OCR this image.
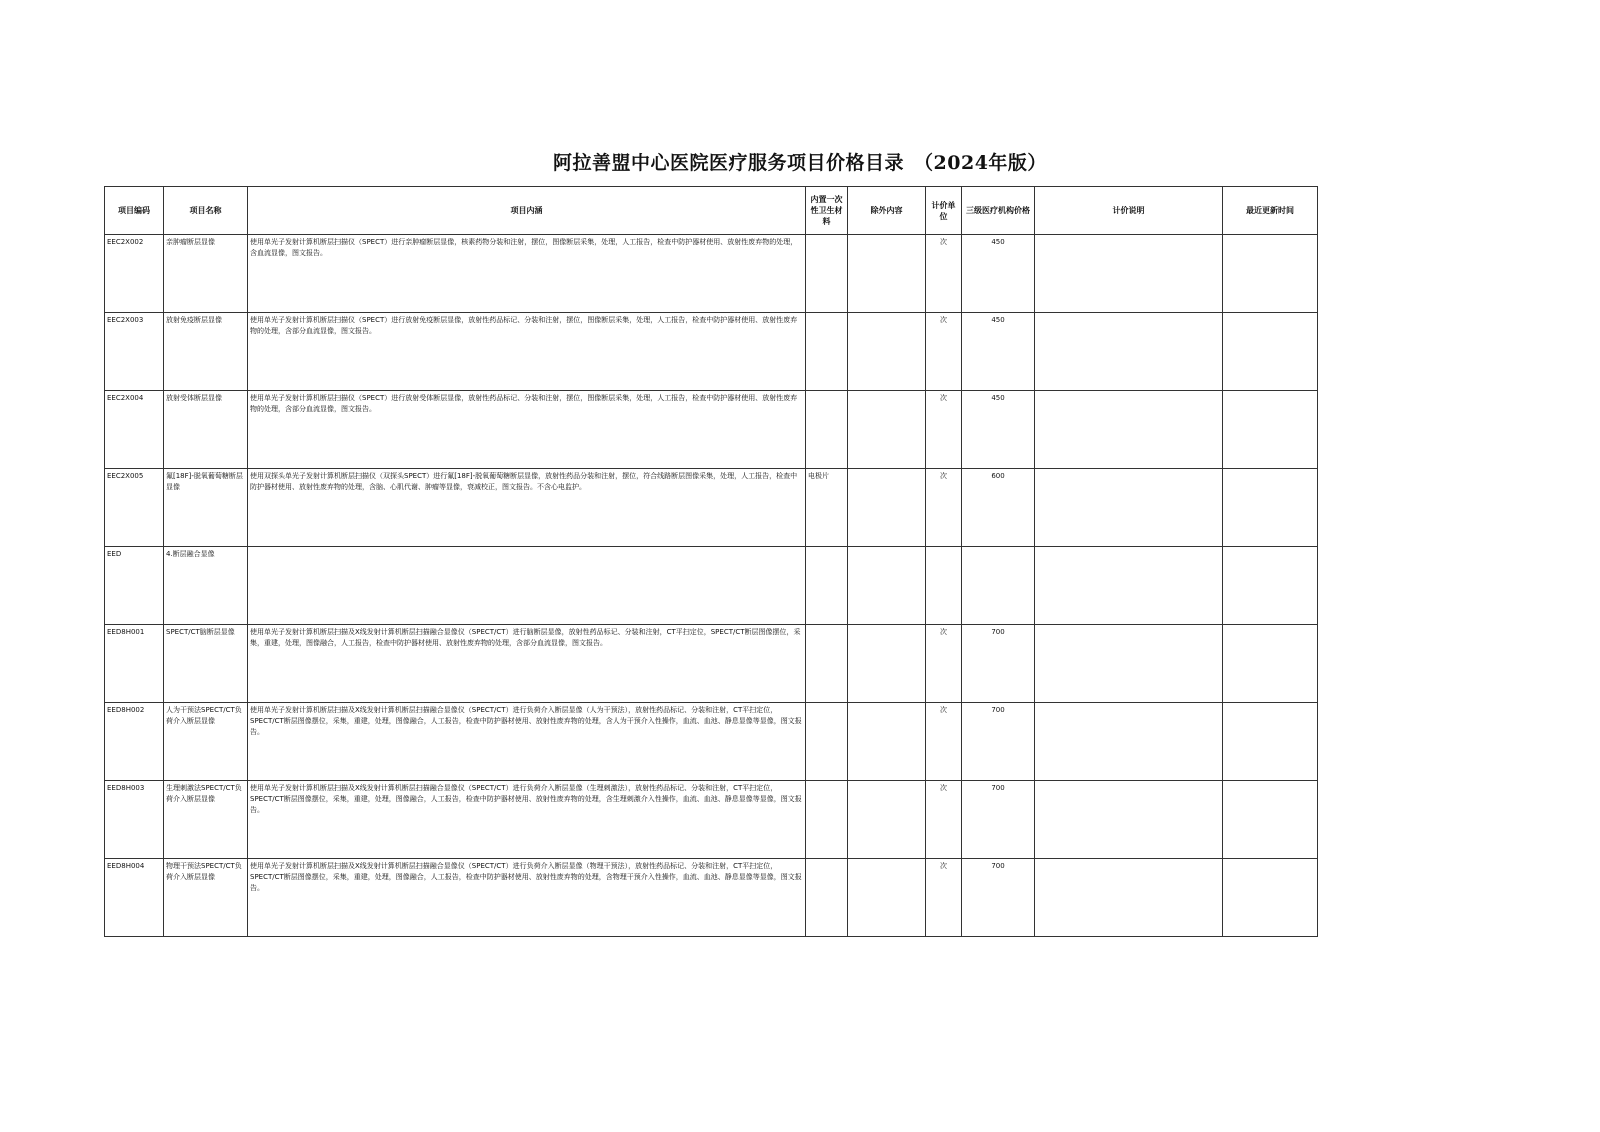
阿拉善盟中心医院医疗服务项目价格目录　（2024年版）
项目编码	项目名称	项目内涵	内置一次性卫生材料	除外内容	计价单位	三级医疗机构价格	计价说明	最近更新时间
EEC2X002	亲肿瘤断层显像	使用单光子发射计算机断层扫描仪（SPECT）进行亲肿瘤断层显像，核素药物分装和注射，摆位，图像断层采集，处理，人工报告，检查中防护器材使用、放射性废弃物的处理，含血流显像，图文报告。			次	450		
EEC2X003	放射免疫断层显像	使用单光子发射计算机断层扫描仪（SPECT）进行放射免疫断层显像，放射性药品标记、分装和注射，摆位，图像断层采集，处理，人工报告，检查中防护器材使用、放射性废弃物的处理，含部分血流显像，图文报告。			次	450		
EEC2X004	放射受体断层显像	使用单光子发射计算机断层扫描仪（SPECT）进行放射受体断层显像，放射性药品标记、分装和注射，摆位，图像断层采集，处理，人工报告，检查中防护器材使用、放射性废弃物的处理，含部分血流显像，图文报告。			次	450		
EEC2X005	氟[18F]-脱氧葡萄糖断层显像	使用双探头单光子发射计算机断层扫描仪（双探头SPECT）进行氟[18F]-脱氧葡萄糖断层显像，放射性药品分装和注射，摆位，符合线路断层图像采集，处理，人工报告，检查中防护器材使用、放射性废弃物的处理，含脑、心肌代谢、肿瘤等显像，衰减校正，图文报告。不含心电监护。	电极片		次	600		
EED	4.断层融合显像							
EED8H001	SPECT/CT脑断层显像	使用单光子发射计算机断层扫描及X线发射计算机断层扫描融合显像仪（SPECT/CT）进行脑断层显像，放射性药品标记、分装和注射，CT平扫定位，SPECT/CT断层图像摆位，采集，重建，处理，图像融合，人工报告，检查中防护器材使用、放射性废弃物的处理，含部分血流显像，图文报告。			次	700		
EED8H002	人为干预法SPECT/CT负荷介入断层显像	使用单光子发射计算机断层扫描及X线发射计算机断层扫描融合显像仪（SPECT/CT）进行负荷介入断层显像（人为干预法），放射性药品标记、分装和注射，CT平扫定位，SPECT/CT断层图像摆位，采集，重建，处理，图像融合，人工报告，检查中防护器材使用、放射性废弃物的处理，含人为干预介入性操作，血流、血池、静息显像等显像，图文报告。			次	700		
EED8H003	生理刺激法SPECT/CT负荷介入断层显像	使用单光子发射计算机断层扫描及X线发射计算机断层扫描融合显像仪（SPECT/CT）进行负荷介入断层显像（生理刺激法），放射性药品标记、分装和注射，CT平扫定位，SPECT/CT断层图像摆位，采集，重建，处理，图像融合，人工报告，检查中防护器材使用、放射性废弃物的处理，含生理刺激介入性操作，血流、血池、静息显像等显像，图文报告。			次	700		
EED8H004	物理干预法SPECT/CT负荷介入断层显像	使用单光子发射计算机断层扫描及X线发射计算机断层扫描融合显像仪（SPECT/CT）进行负荷介入断层显像（物理干预法），放射性药品标记、分装和注射，CT平扫定位，SPECT/CT断层图像摆位，采集，重建，处理，图像融合，人工报告，检查中防护器材使用、放射性废弃物的处理，含物理干预介入性操作，血流、血池、静息显像等显像，图文报告。			次	700		
